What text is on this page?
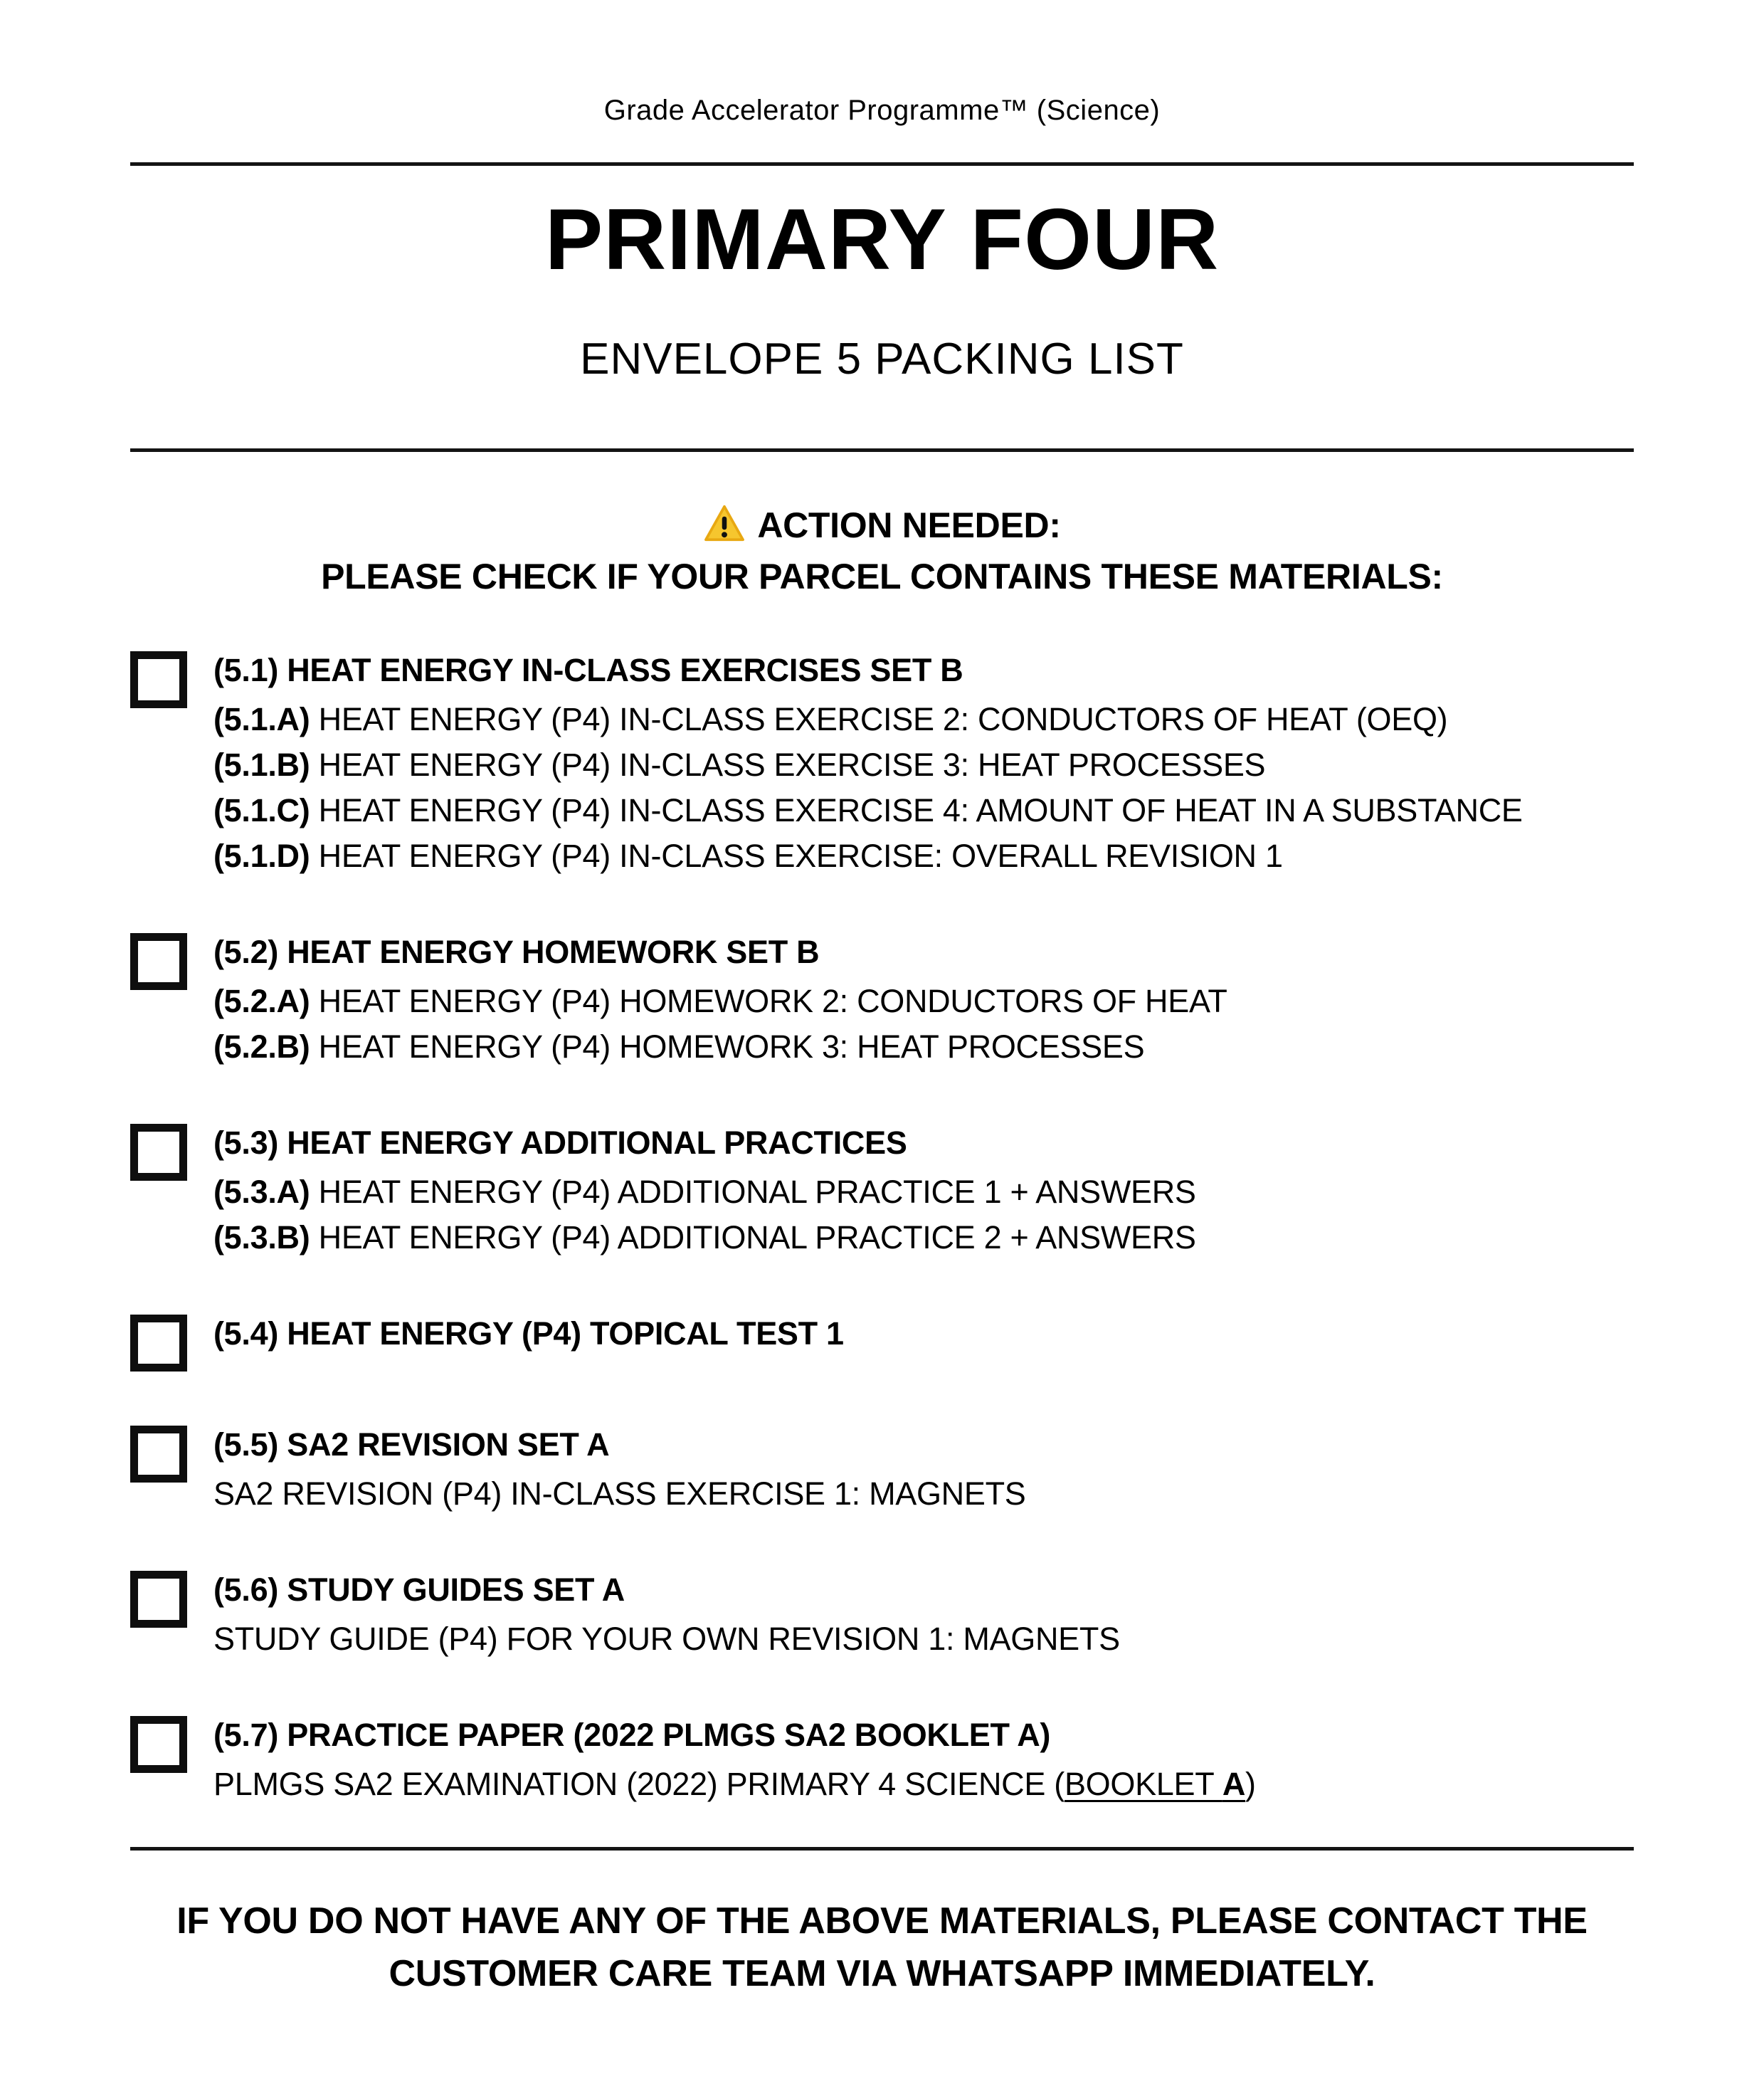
Grade Accelerator Programme™ (Science)
PRIMARY FOUR
ENVELOPE 5 PACKING LIST
ACTION NEEDED:
PLEASE CHECK IF YOUR PARCEL CONTAINS THESE MATERIALS:
(5.1) HEAT ENERGY IN-CLASS EXERCISES SET B
(5.1.A) HEAT ENERGY (P4) IN-CLASS EXERCISE 2: CONDUCTORS OF HEAT (OEQ)
(5.1.B) HEAT ENERGY (P4) IN-CLASS EXERCISE 3: HEAT PROCESSES
(5.1.C) HEAT ENERGY (P4) IN-CLASS EXERCISE 4: AMOUNT OF HEAT IN A SUBSTANCE
(5.1.D) HEAT ENERGY (P4) IN-CLASS EXERCISE: OVERALL REVISION 1
(5.2) HEAT ENERGY HOMEWORK SET B
(5.2.A) HEAT ENERGY (P4) HOMEWORK 2: CONDUCTORS OF HEAT
(5.2.B) HEAT ENERGY (P4) HOMEWORK 3: HEAT PROCESSES
(5.3) HEAT ENERGY ADDITIONAL PRACTICES
(5.3.A) HEAT ENERGY (P4) ADDITIONAL PRACTICE 1 + ANSWERS
(5.3.B) HEAT ENERGY (P4) ADDITIONAL PRACTICE 2 + ANSWERS
(5.4) HEAT ENERGY (P4) TOPICAL TEST 1
(5.5) SA2 REVISION SET A
SA2 REVISION (P4) IN-CLASS EXERCISE 1: MAGNETS
(5.6) STUDY GUIDES SET A
STUDY GUIDE (P4) FOR YOUR OWN REVISION 1: MAGNETS
(5.7) PRACTICE PAPER (2022 PLMGS SA2 BOOKLET A)
PLMGS SA2 EXAMINATION (2022) PRIMARY 4 SCIENCE (BOOKLET A)
IF YOU DO NOT HAVE ANY OF THE ABOVE MATERIALS, PLEASE CONTACT THE
CUSTOMER CARE TEAM VIA WHATSAPP IMMEDIATELY.
